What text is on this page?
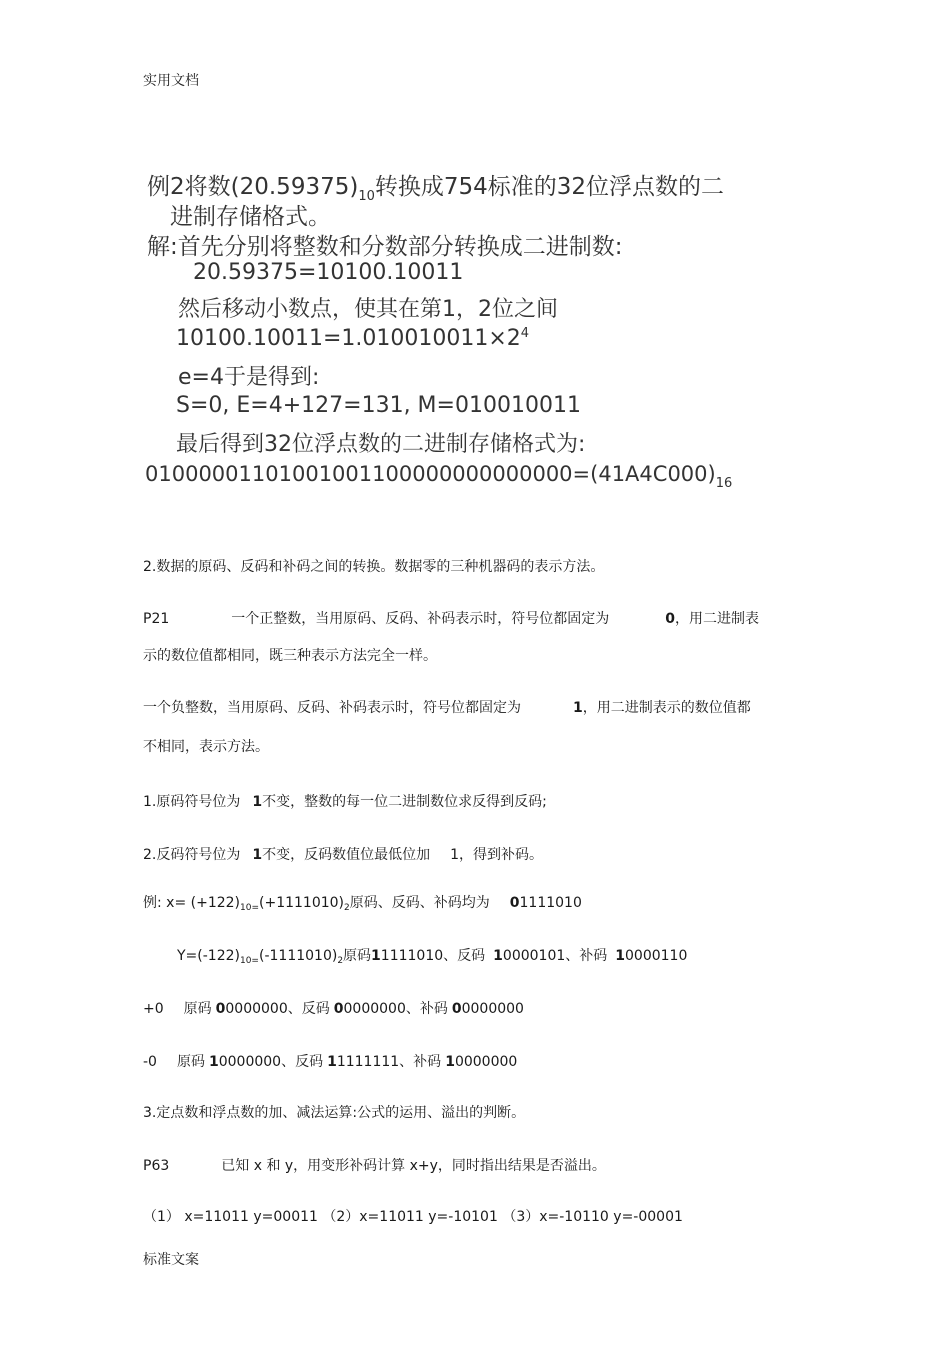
实用文档
例2将数$(20.59375)_{10}$转换成754标准的32位浮点数的二
进制存储格式。
解:首先分别将整数和分数部分转换成二进制数:
20.59375=10100.10011
然后移动小数点，使其在第1，2位之间
$10100.10011=1.010010011\times 2^4$
e=4于是得到:
S=0, E=4+127=131, M=010010011
最后得到32位浮点数的二进制存储格式为:
$01000001101001001100000000000000=(41A4C000)_{16}$
2.数据的原码、反码和补码之间的转换。数据零的三种机器码的表示方法。
P21	一个正整数，当用原码、反码、补码表示时，符号位都固定为	0，用二进制表
示的数位值都相同，既三种表示方法完全一样。
一个负整数，当用原码、反码、补码表示时，符号位都固定为	1，用二进制表示的数位值都
不相同，表示方法。
1.原码符号位为 1不变，整数的每一位二进制数位求反得到反码;
2.反码符号位为 1不变，反码数值位最低位加 1，得到补码。
例: $x= (+122)_{10=}(+1111010)_2$原码、反码、补码均为 01111010
$Y=(-122)_{10=}(-1111010)_2$原码11111010、反码 10000101、补码 10000110
+0 原码 00000000、反码 00000000、补码 00000000
-0 原码 10000000、反码 11111111、补码 10000000
3.定点数和浮点数的加、减法运算:公式的运用、溢出的判断。
P63	已知 x 和 y，用变形补码计算 x+y，同时指出结果是否溢出。
（1） x=11011 y=00011 （2）x=11011 y=-10101 （3）x=-10110 y=-00001
标准文案
